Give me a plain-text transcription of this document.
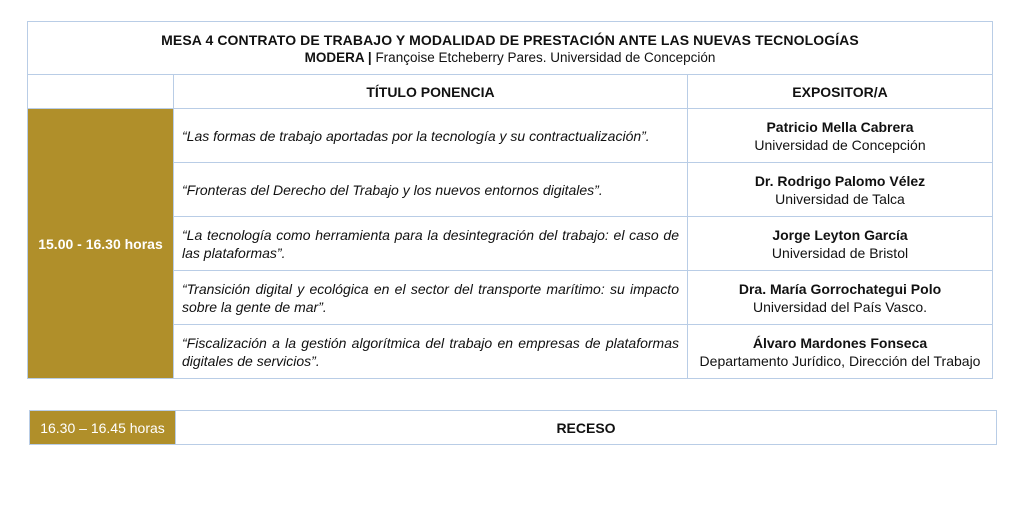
MESA 4 CONTRATO DE TRABAJO Y MODALIDAD DE PRESTACIÓN ANTE LAS NUEVAS TECNOLOGÍAS
MODERA | Françoise Etcheberry Pares. Universidad de Concepción		

	TÍTULO PONENCIA	EXPOSITOR/A
15.00 - 16.30 horas	“Las formas de trabajo aportadas por la tecnología y su contractualización”.	Patricio Mella Cabrera
Universidad de Concepción

	“Fronteras del Derecho del Trabajo y los nuevos entornos digitales”.	Dr. Rodrigo Palomo Vélez
Universidad de Talca

	“La tecnología como herramienta para la desintegración del trabajo: el caso de las plataformas”.	Jorge Leyton García
Universidad de Bristol

	“Transición digital y ecológica en el sector del transporte marítimo: su impacto sobre la gente de mar”.	Dra. María Gorrochategui Polo
Universidad del País Vasco.

	“Fiscalización a la gestión algorítmica del trabajo en empresas de plataformas digitales de servicios”.	Álvaro Mardones Fonseca
Departamento Jurídico, Dirección del Trabajo
16.30 – 16.45 horas	RECESO
